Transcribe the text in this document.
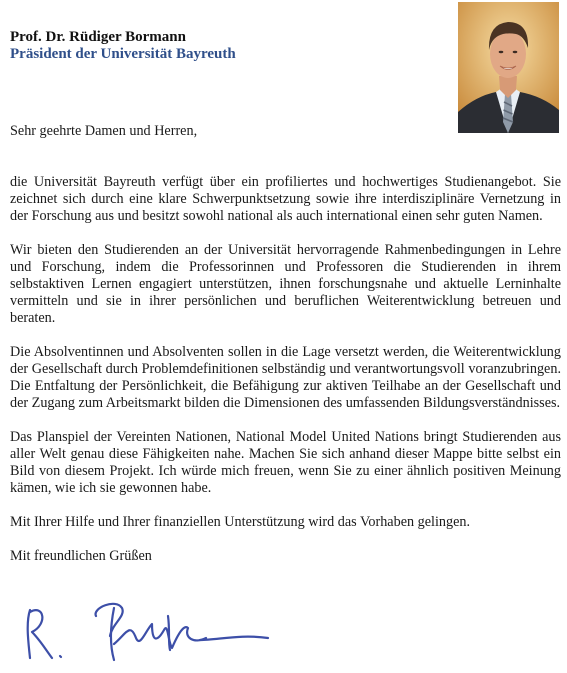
Prof. Dr. Rüdiger Bormann

Präsident der Universität Bayreuth

Sehr geehrte Damen und Herren,

die Universität Bayreuth verfügt über ein profiliertes und hochwertiges Studienangebot. Sie zeichnet sich durch eine klare Schwerpunktsetzung sowie ihre interdisziplinäre Vernetzung in der Forschung aus und besitzt sowohl national als auch international einen sehr guten Namen.

Wir bieten den Studierenden an der Universität hervorragende Rahmenbedingungen in Lehre und Forschung, indem die Professorinnen und Professoren die Studierenden in ihrem selbstaktiven Lernen engagiert unterstützen, ihnen forschungsnahe und aktuelle Lerninhalte vermitteln und sie in ihrer persönlichen und beruflichen Weiterentwicklung betreuen und beraten.

Die Absolventinnen und Absolventen sollen in die Lage versetzt werden, die Weiterentwicklung der Gesellschaft durch Problemdefinitionen selbständig und verantwortungsvoll voranzubringen. Die Entfaltung der Persönlichkeit, die Befähigung zur aktiven Teilhabe an der Gesellschaft und der Zugang zum Arbeitsmarkt bilden die Dimensionen des umfassenden Bildungsverständnisses.

Das Planspiel der Vereinten Nationen, National Model United Nations bringt Studierenden aus aller Welt genau diese Fähigkeiten nahe. Machen Sie sich anhand dieser Mappe bitte selbst ein Bild von diesem Projekt. Ich würde mich freuen, wenn Sie zu einer ähnlich positiven Meinung kämen, wie ich sie gewonnen habe.

Mit Ihrer Hilfe und Ihrer finanziellen Unterstützung wird das Vorhaben gelingen.

Mit freundlichen Grüßen
